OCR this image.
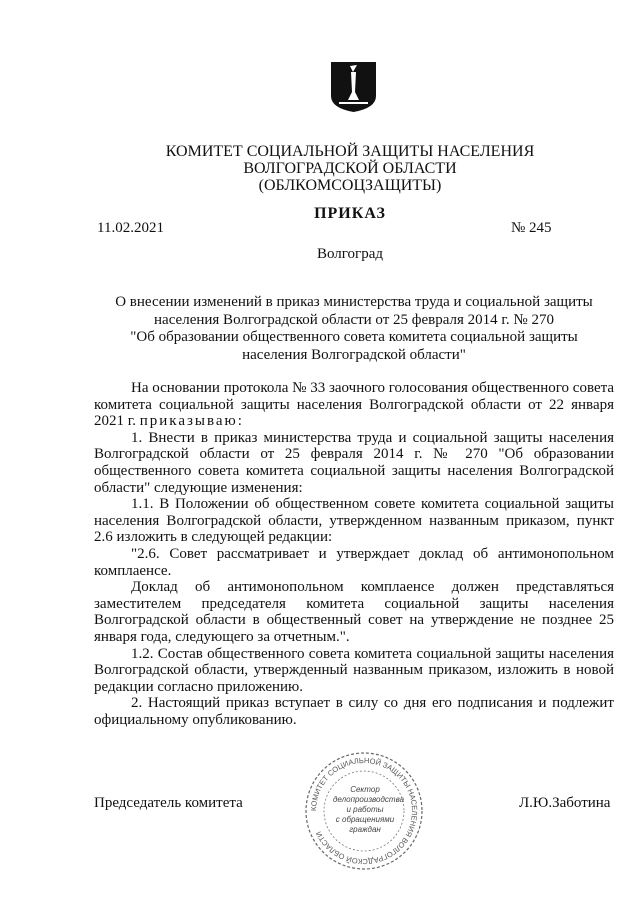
КОМИТЕТ СОЦИАЛЬНОЙ ЗАЩИТЫ НАСЕЛЕНИЯ
ВОЛГОГРАДСКОЙ ОБЛАСТИ
(ОБЛКОМСОЦЗАЩИТЫ)
ПРИКАЗ
11.02.2021	№ 245
Волгоград
О внесении изменений в приказ министерства труда и социальной защиты
населения Волгоградской области от 25 февраля 2014 г. № 270
"Об образовании общественного совета комитета социальной защиты
населения Волгоградской области"

На основании протокола № 33 заочного голосования общественного совета комитета социальной защиты населения Волгоградской области от 22 января 2021 г. приказываю:

1. Внести в приказ министерства труда и социальной защиты населения Волгоградской области от 25 февраля 2014 г. № 270 "Об образовании общественного совета комитета социальной защиты населения Волгоградской области" следующие изменения:

1.1. В Положении об общественном совете комитета социальной защиты населения Волгоградской области, утвержденном названным приказом, пункт 2.6 изложить в следующей редакции:

"2.6. Совет рассматривает и утверждает доклад об антимонопольном комплаенсе.

Доклад об антимонопольном комплаенсе должен представляться заместителем председателя комитета социальной защиты населения Волгоградской области в общественный совет на утверждение не позднее 25 января года, следующего за отчетным.".

1.2. Состав общественного совета комитета социальной защиты населения Волгоградской области, утвержденный названным приказом, изложить в новой редакции согласно приложению.

2. Настоящий приказ вступает в силу со дня его подписания и подлежит официальному опубликованию.

Председатель комитета	Л.Ю.Заботина
КОМИТЕТ СОЦИАЛЬНОЙ ЗАЩИТЫ НАСЕЛЕНИЯ ВОЛГОГРАДСКОЙ ОБЛАСТИ
Сектор
делопроизводства
и работы
с обращениями
граждан
